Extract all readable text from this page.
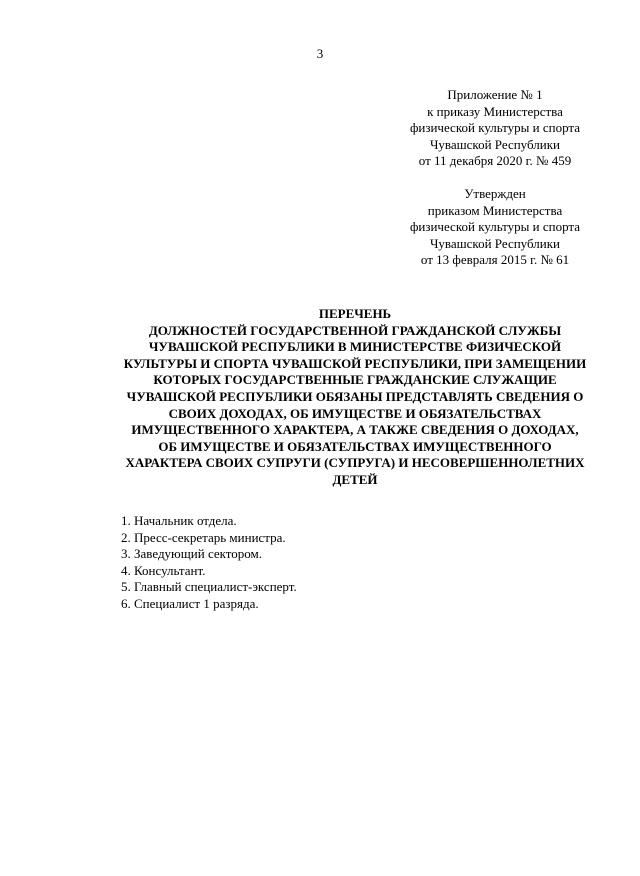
3
Приложение № 1
к приказу Министерства
физической культуры и спорта
Чувашской Республики
от 11 декабря 2020 г. № 459
Утвержден
приказом Министерства
физической культуры и спорта
Чувашской Республики
от 13 февраля 2015 г. № 61
ПЕРЕЧЕНЬ
ДОЛЖНОСТЕЙ ГОСУДАРСТВЕННОЙ ГРАЖДАНСКОЙ СЛУЖБЫ
ЧУВАШСКОЙ РЕСПУБЛИКИ В МИНИСТЕРСТВЕ ФИЗИЧЕСКОЙ
КУЛЬТУРЫ И СПОРТА ЧУВАШСКОЙ РЕСПУБЛИКИ, ПРИ ЗАМЕЩЕНИИ
КОТОРЫХ ГОСУДАРСТВЕННЫЕ ГРАЖДАНСКИЕ СЛУЖАЩИЕ
ЧУВАШСКОЙ РЕСПУБЛИКИ ОБЯЗАНЫ ПРЕДСТАВЛЯТЬ СВЕДЕНИЯ О
СВОИХ ДОХОДАХ, ОБ ИМУЩЕСТВЕ И ОБЯЗАТЕЛЬСТВАХ
ИМУЩЕСТВЕННОГО ХАРАКТЕРА, А ТАКЖЕ СВЕДЕНИЯ О ДОХОДАХ,
ОБ ИМУЩЕСТВЕ И ОБЯЗАТЕЛЬСТВАХ ИМУЩЕСТВЕННОГО
ХАРАКТЕРА СВОИХ СУПРУГИ (СУПРУГА) И НЕСОВЕРШЕННОЛЕТНИХ
ДЕТЕЙ
1. Начальник отдела.
2. Пресс-секретарь министра.
3. Заведующий сектором.
4. Консультант.
5. Главный специалист-эксперт.
6. Специалист 1 разряда.
